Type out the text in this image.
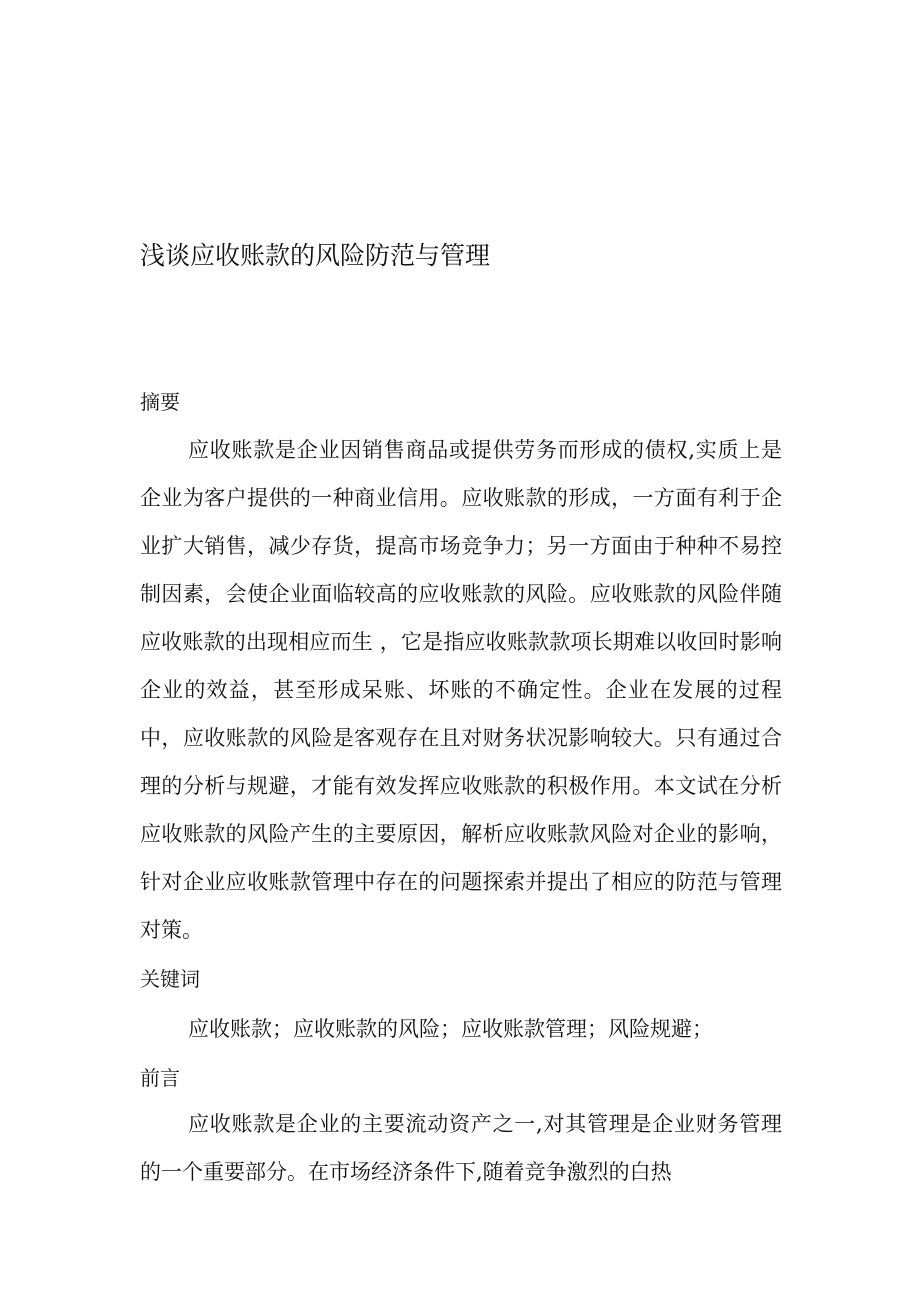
浅谈应收账款的风险防范与管理
摘要

应收账款是企业因销售商品或提供劳务而形成的债权,实质上是企业为客户提供的一种商业信用。应收账款的形成，一方面有利于企业扩大销售，减少存货，提高市场竞争力；另一方面由于种种不易控制因素，会使企业面临较高的应收账款的风险。应收账款的风险伴随应收账款的出现相应而生 ，它是指应收账款款项长期难以收回时影响企业的效益，甚至形成呆账、坏账的不确定性。企业在发展的过程中，应收账款的风险是客观存在且对财务状况影响较大。只有通过合理的分析与规避，才能有效发挥应收账款的积极作用。本文试在分析应收账款的风险产生的主要原因，解析应收账款风险对企业的影响，针对企业应收账款管理中存在的问题探索并提出了相应的防范与管理对策。

关键词
应收账款；应收账款的风险；应收账款管理；风险规避；
前言

应收账款是企业的主要流动资产之一,对其管理是企业财务管理的一个重要部分。在市场经济条件下,随着竞争激烈的白热
